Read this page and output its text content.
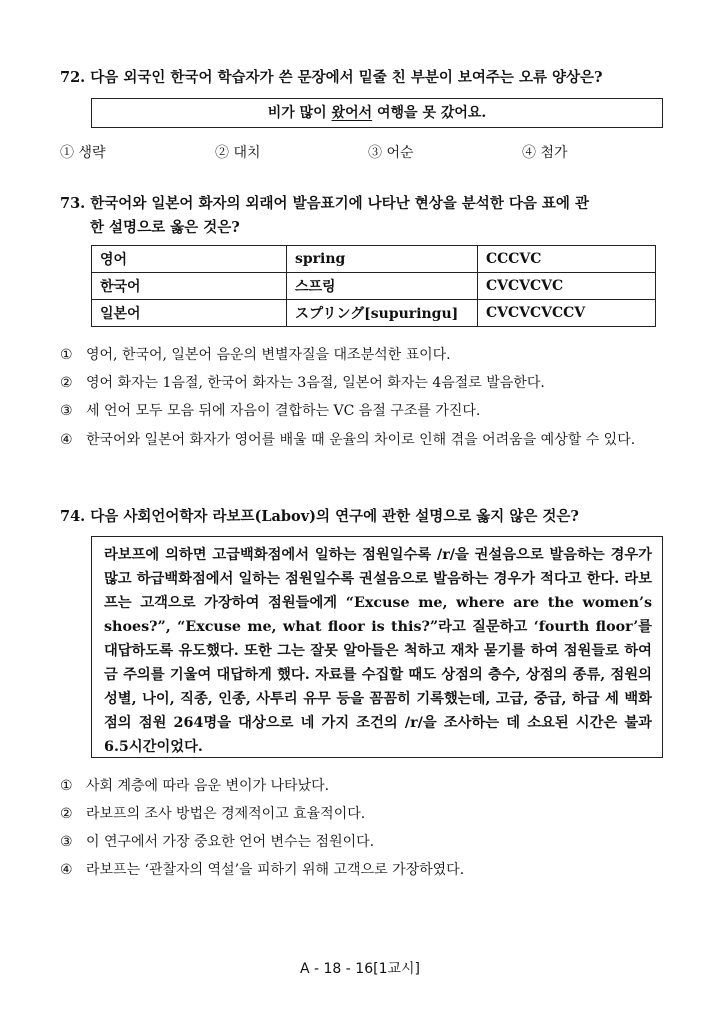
72. 다음 외국인 한국어 학습자가 쓴 문장에서 밑줄 친 부분이 보여주는 오류 양상은?
비가 많이 왔어서 여행을 못 갔어요.
① 생략	② 대치	③ 어순	④ 첨가
73. 한국어와 일본어 화자의 외래어 발음표기에 나타난 현상을 분석한 다음 표에 관
한 설명으로 옳은 것은?
영어	spring	CCCVC
한국어	스프링	CVCVCVC
일본어	スプリング[supuringu]	CVCVCVCCV
① 영어, 한국어, 일본어 음운의 변별자질을 대조분석한 표이다.
② 영어 화자는 1음절, 한국어 화자는 3음절, 일본어 화자는 4음절로 발음한다.
③ 세 언어 모두 모음 뒤에 자음이 결합하는 VC 음절 구조를 가진다.
④ 한국어와 일본어 화자가 영어를 배울 때 운율의 차이로 인해 겪을 어려움을 예상할 수 있다.
74. 다음 사회언어학자 라보프(Labov)의 연구에 관한 설명으로 옳지 않은 것은?
라보프에 의하면 고급백화점에서 일하는 점원일수록 /r/을 권설음으로 발음하는 경우가 많고 하급백화점에서 일하는 점원일수록 권설음으로 발음하는 경우가 적다고 한다. 라보프는 고객으로 가장하여 점원들에게 “Excuse me, where are the women’s shoes?”, “Excuse me, what floor is this?”라고 질문하고 ‘fourth floor’를 대답하도록 유도했다. 또한 그는 잘못 알아들은 척하고 재차 묻기를 하여 점원들로 하여금 주의를 기울여 대답하게 했다. 자료를 수집할 때도 상점의 층수, 상점의 종류, 점원의 성별, 나이, 직종, 인종, 사투리 유무 등을 꼼꼼히 기록했는데, 고급, 중급, 하급 세 백화점의 점원 264명을 대상으로 네 가지 조건의 /r/을 조사하는 데 소요된 시간은 불과 6.5시간이었다.
① 사회 계층에 따라 음운 변이가 나타났다.
② 라보프의 조사 방법은 경제적이고 효율적이다.
③ 이 연구에서 가장 중요한 언어 변수는 점원이다.
④ 라보프는 ‘관찰자의 역설’을 피하기 위해 고객으로 가장하였다.
A - 18 - 16[1교시]
